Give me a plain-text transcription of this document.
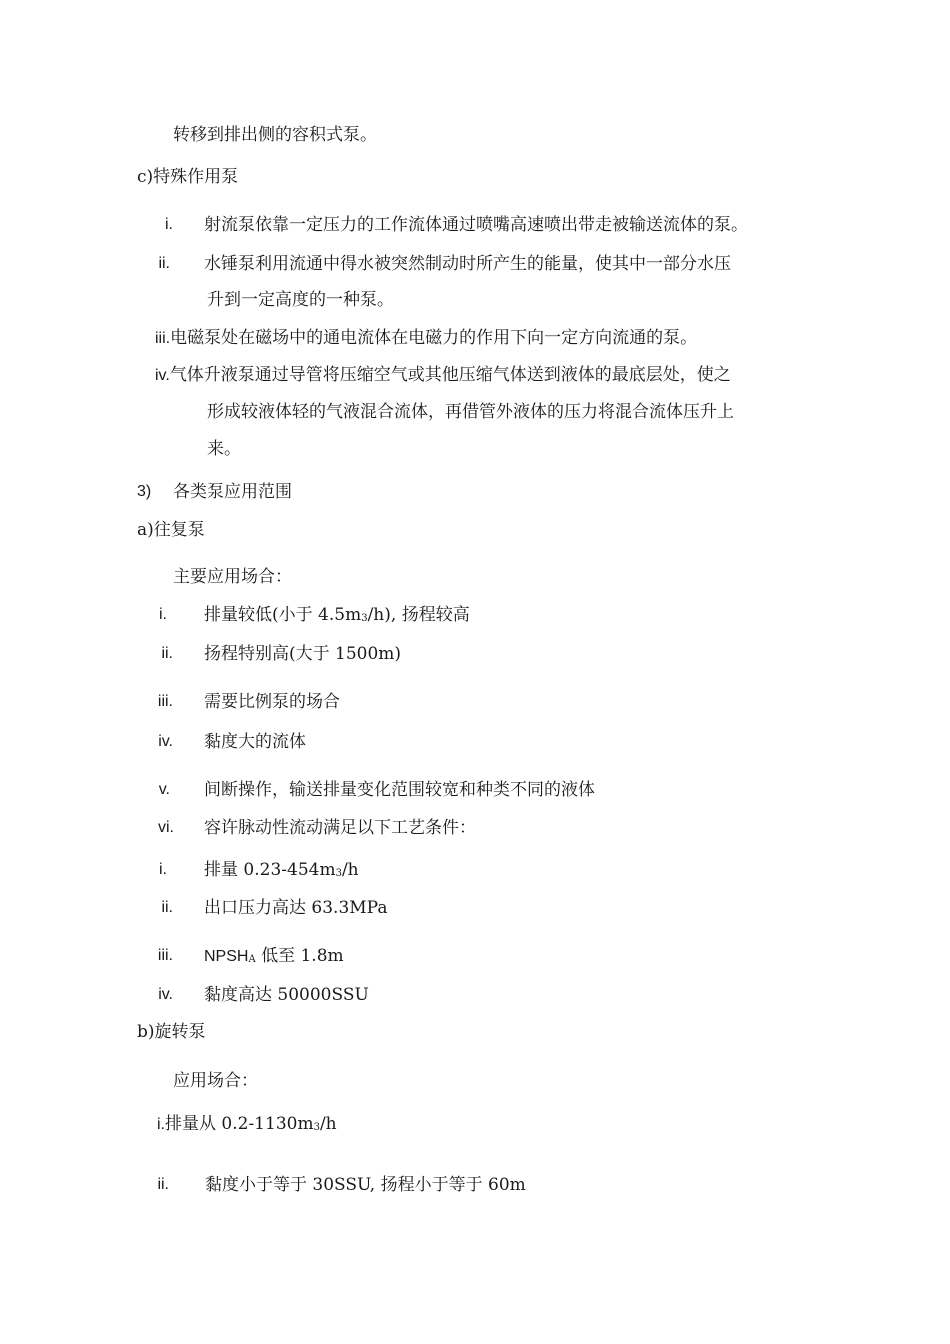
转移到排出侧的容积式泵。
c)特殊作用泵
i. 射流泵依靠一定压力的工作流体通过喷嘴高速喷出带走被输送流体的泵。
ii. 水锤泵利用流通中得水被突然制动时所产生的能量，使其中一部分水压
升到一定高度的一种泵。
iii.电磁泵处在磁场中的通电流体在电磁力的作用下向一定方向流通的泵。
iv.气体升液泵通过导管将压缩空气或其他压缩气体送到液体的最底层处，使之
形成较液体轻的气液混合流体，再借管外液体的压力将混合流体压升上
来。
3) 各类泵应用范围
a)往复泵
主要应用场合：
i. 排量较低(小于 4.5m3/h), 扬程较高
ii. 扬程特别高(大于 1500m)
iii. 需要比例泵的场合
iv. 黏度大的流体
v. 间断操作，输送排量变化范围较宽和种类不同的液体
vi. 容许脉动性流动满足以下工艺条件：
i. 排量 0.23-454m3/h
ii. 出口压力高达 63.3MPa
iii. NPSHA 低至 1.8m
iv. 黏度高达 50000SSU
b)旋转泵
应用场合：
i.排量从 0.2-1130m3/h
ii. 黏度小于等于 30SSU, 扬程小于等于 60m
